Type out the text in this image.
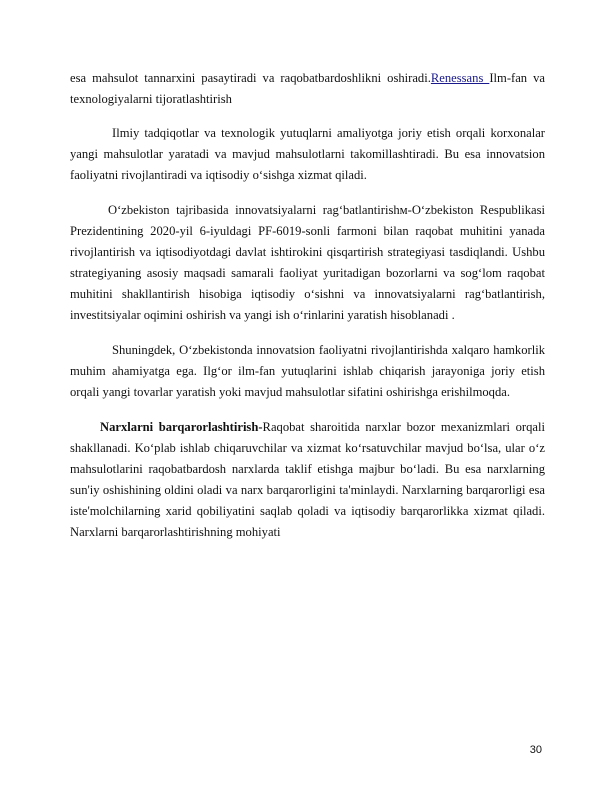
esa mahsulot tannarxini pasaytiradi va raqobatbardoshlikni oshiradi.Renessans Ilm-fan va texnologiyalarni tijoratlashtirish

Ilmiy tadqiqotlar va texnologik yutuqlarni amaliyotga joriy etish orqali korxonalar yangi mahsulotlar yaratadi va mavjud mahsulotlarni takomillashtiradi. Bu esa innovatsion faoliyatni rivojlantiradi va iqtisodiy o‘sishga xizmat qiladi.

O‘zbekiston tajribasida innovatsiyalarni rag‘batlantirishм-O‘zbekiston Respublikasi Prezidentining 2020-yil 6-iyuldagi PF-6019-sonli farmoni bilan raqobat muhitini yanada rivojlantirish va iqtisodiyotdagi davlat ishtirokini qisqartirish strategiyasi tasdiqlandi. Ushbu strategiyaning asosiy maqsadi samarali faoliyat yuritadigan bozorlarni va sog‘lom raqobat muhitini shakllantirish hisobiga iqtisodiy o‘sishni va innovatsiyalarni rag‘batlantirish, investitsiyalar oqimini oshirish va yangi ish o‘rinlarini yaratish hisoblanadi .

Shuningdek, O‘zbekistonda innovatsion faoliyatni rivojlantirishda xalqaro hamkorlik muhim ahamiyatga ega. Ilg‘or ilm-fan yutuqlarini ishlab chiqarish jarayoniga joriy etish orqali yangi tovarlar yaratish yoki mavjud mahsulotlar sifatini oshirishga erishilmoqda.

Narxlarni barqarorlashtirish-Raqobat sharoitida narxlar bozor mexanizmlari orqali shakllanadi. Ko‘plab ishlab chiqaruvchilar va xizmat ko‘rsatuvchilar mavjud bo‘lsa, ular o‘z mahsulotlarini raqobatbardosh narxlarda taklif etishga majbur bo‘ladi. Bu esa narxlarning sun'iy oshishining oldini oladi va narx barqarorligini ta'minlaydi. Narxlarning barqarorligi esa iste'molchilarning xarid qobiliyatini saqlab qoladi va iqtisodiy barqarorlikka xizmat qiladi. Narxlarni barqarorlashtirishning mohiyati

30
